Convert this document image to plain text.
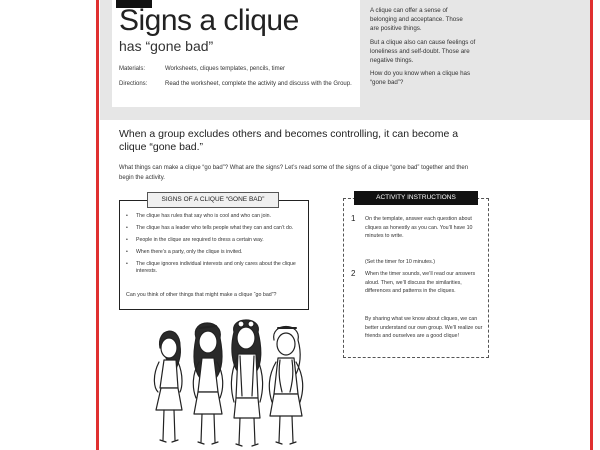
Signs a clique
has “gone bad”
Materials:	Worksheets, cliques templates, pencils, timer
Directions:	Read the worksheet, complete the activity and discuss with the Group.

A clique can offer a sense of belonging and acceptance. Those are positive things.

But a clique also can cause feelings of loneliness and self-doubt. Those are negative things.

How do you know when a clique has “gone bad”?

When a group excludes others and becomes controlling, it can become a clique “gone bad.”
What things can make a clique “go bad”? What are the signs? Let’s read some of the signs of a clique “gone bad” together and then begin the activity.
SIGNS OF A CLIQUE “GONE BAD”
• The clique has rules that say who is cool and who can join.
• The clique has a leader who tells people what they can and can’t do.
• People in the clique are required to dress a certain way.
• When there’s a party, only the clique is invited.
• The clique ignores individual interests and only cares about the clique interests.
Can you think of other things that might make a clique “go bad”?
ACTIVITY INSTRUCTIONS
1 On the template, answer each question about cliques as honestly as you can. You’ll have 10 minutes to write.
(Set the timer for 10 minutes.)
2 When the timer sounds, we’ll read our answers aloud. Then, we’ll discuss the similarities, differences and patterns in the cliques.
By sharing what we know about cliques, we can better understand our own group. We’ll realize our friends and ourselves are a good clique!
